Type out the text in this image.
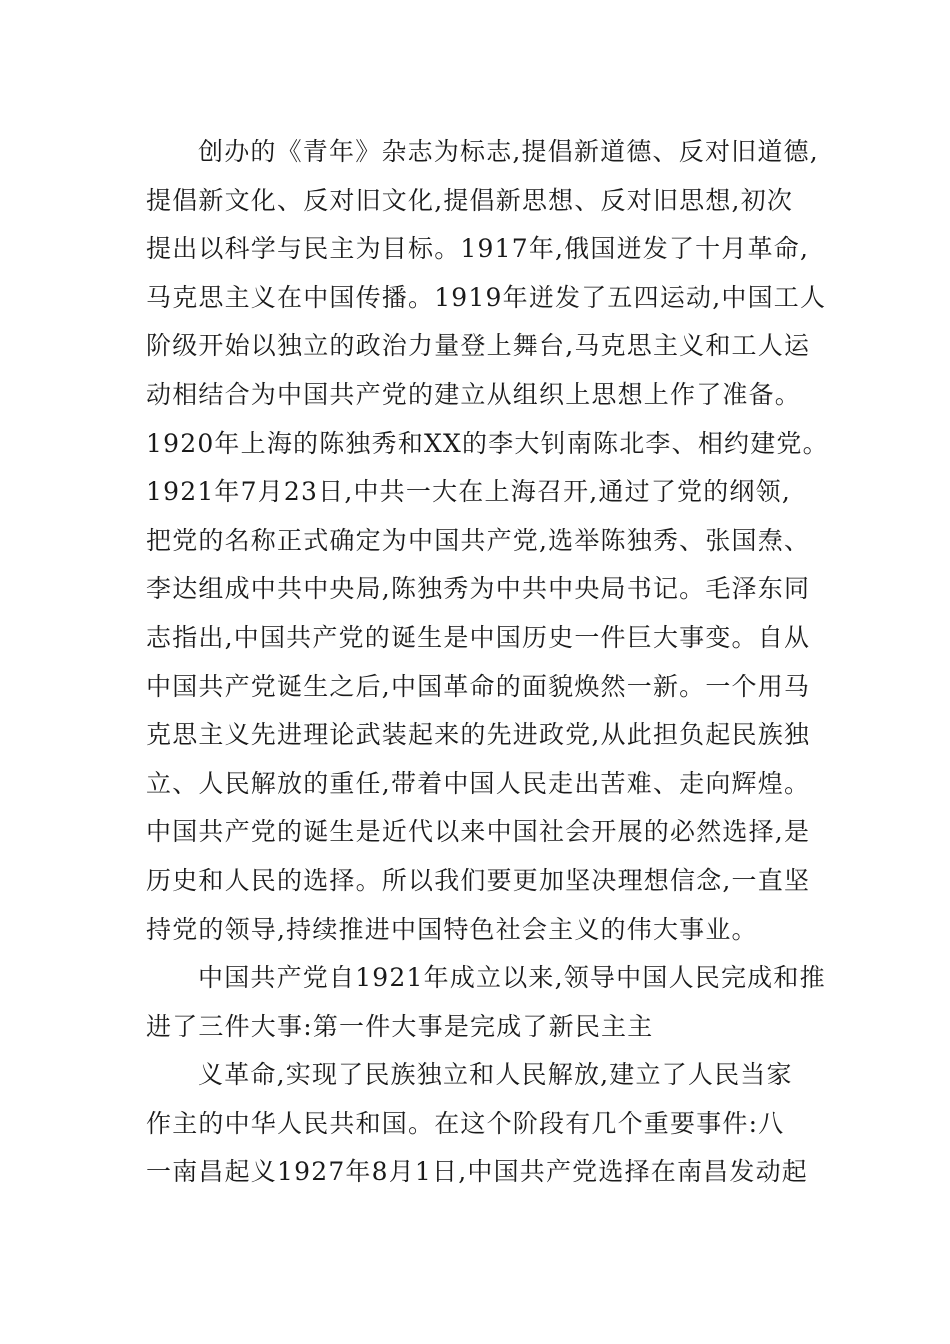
创办的《青年》杂志为标志,提倡新道德、反对旧道德,
提倡新文化、反对旧文化,提倡新思想、反对旧思想,初次
提出以科学与民主为目标。1917年,俄国迸发了十月革命,
马克思主义在中国传播。1919年迸发了五四运动,中国工人
阶级开始以独立的政治力量登上舞台,马克思主义和工人运
动相结合为中国共产党的建立从组织上思想上作了准备。
1920年上海的陈独秀和XX的李大钊南陈北李、相约建党。
1921年7月23日,中共一大在上海召开,通过了党的纲领,
把党的名称正式确定为中国共产党,选举陈独秀、张国焘、
李达组成中共中央局,陈独秀为中共中央局书记。毛泽东同
志指出,中国共产党的诞生是中国历史一件巨大事变。自从
中国共产党诞生之后,中国革命的面貌焕然一新。一个用马
克思主义先进理论武装起来的先进政党,从此担负起民族独
立、人民解放的重任,带着中国人民走出苦难、走向辉煌。
中国共产党的诞生是近代以来中国社会开展的必然选择,是
历史和人民的选择。所以我们要更加坚决理想信念,一直坚
持党的领导,持续推进中国特色社会主义的伟大事业。
中国共产党自1921年成立以来,领导中国人民完成和推
进了三件大事:第一件大事是完成了新民主主
义革命,实现了民族独立和人民解放,建立了人民当家
作主的中华人民共和国。在这个阶段有几个重要事件:八
一南昌起义1927年8月1日,中国共产党选择在南昌发动起
